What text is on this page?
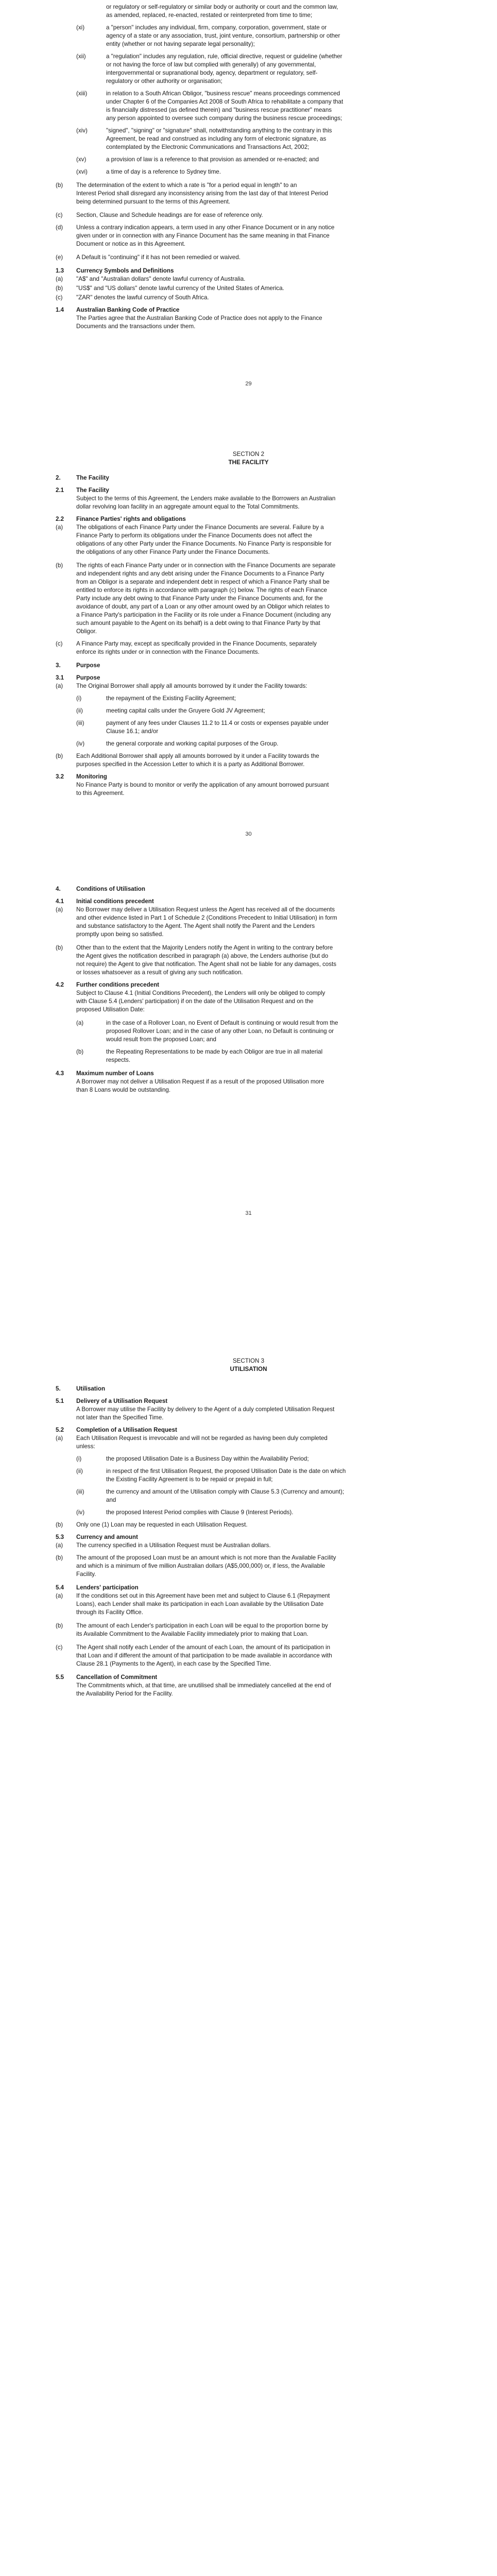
or regulatory or self-regulatory or similar body or authority or court and the common law,
as amended, replaced, re-enacted, restated or reinterpreted from time to time;
(xi)	a "person" includes any individual, firm, company, corporation, government, state or
agency of a state or any association, trust, joint venture, consortium, partnership or other
entity (whether or not having separate legal personality);
(xii)	a "regulation" includes any regulation, rule, official directive, request or guideline (whether
or not having the force of law but complied with generally) of any governmental,
intergovernmental or supranational body, agency, department or regulatory, self-
regulatory or other authority or organisation;
(xiii)	in relation to a South African Obligor, "business rescue" means proceedings commenced
under Chapter 6 of the Companies Act 2008 of South Africa to rehabilitate a company that
is financially distressed (as defined therein) and "business rescue practitioner" means
any person appointed to oversee such company during the business rescue proceedings;
(xiv)	"signed", "signing" or "signature" shall, notwithstanding anything to the contrary in this
Agreement, be read and construed as including any form of electronic signature, as
contemplated by the Electronic Communications and Transactions Act, 2002;
(xv)	a provision of law is a reference to that provision as amended or re-enacted; and
(xvi)	a time of day is a reference to Sydney time.
(b) The determination of the extent to which a rate is "for a period equal in length" to an
Interest Period shall disregard any inconsistency arising from the last day of that Interest Period
being determined pursuant to the terms of this Agreement.
(c) Section, Clause and Schedule headings are for ease of reference only.
(d) Unless a contrary indication appears, a term used in any other Finance Document or in any notice
given under or in connection with any Finance Document has the same meaning in that Finance
Document or notice as in this Agreement.
(e) A Default is "continuing" if it has not been remedied or waived.
1.3 Currency Symbols and Definitions
(a) "A$" and "Australian dollars" denote lawful currency of Australia.
(b) "US$" and "US dollars" denote lawful currency of the United States of America.
(c) "ZAR" denotes the lawful currency of South Africa.
1.4 Australian Banking Code of Practice
The Parties agree that the Australian Banking Code of Practice does not apply to the Finance
Documents and the transactions under them.
29
SECTION 2
THE FACILITY
2.	The Facility
2.1 The Facility
Subject to the terms of this Agreement, the Lenders make available to the Borrowers an Australian
dollar revolving loan facility in an aggregate amount equal to the Total Commitments.
2.2 Finance Parties' rights and obligations
(a) The obligations of each Finance Party under the Finance Documents are several. Failure by a
Finance Party to perform its obligations under the Finance Documents does not affect the
obligations of any other Party under the Finance Documents. No Finance Party is responsible for
the obligations of any other Finance Party under the Finance Documents.
(b) The rights of each Finance Party under or in connection with the Finance Documents are separate
and independent rights and any debt arising under the Finance Documents to a Finance Party
from an Obligor is a separate and independent debt in respect of which a Finance Party shall be
entitled to enforce its rights in accordance with paragraph (c) below. The rights of each Finance
Party include any debt owing to that Finance Party under the Finance Documents and, for the
avoidance of doubt, any part of a Loan or any other amount owed by an Obligor which relates to
a Finance Party's participation in the Facility or its role under a Finance Document (including any
such amount payable to the Agent on its behalf) is a debt owing to that Finance Party by that
Obligor.
(c) A Finance Party may, except as specifically provided in the Finance Documents, separately
enforce its rights under or in connection with the Finance Documents.
3.	Purpose
3.1 Purpose
(a) The Original Borrower shall apply all amounts borrowed by it under the Facility towards:
(i)	the repayment of the Existing Facility Agreement;
(ii)	meeting capital calls under the Gruyere Gold JV Agreement;
(iii)	payment of any fees under Clauses 11.2 to 11.4 or costs or expenses payable under
Clause 16.1; and/or
(iv)	the general corporate and working capital purposes of the Group.
(b) Each Additional Borrower shall apply all amounts borrowed by it under a Facility towards the
purposes specified in the Accession Letter to which it is a party as Additional Borrower.
3.2 Monitoring
No Finance Party is bound to monitor or verify the application of any amount borrowed pursuant
to this Agreement.
30
4.	Conditions of Utilisation
4.1 Initial conditions precedent
(a) No Borrower may deliver a Utilisation Request unless the Agent has received all of the documents
and other evidence listed in Part 1 of Schedule 2 (Conditions Precedent to Initial Utilisation) in form
and substance satisfactory to the Agent. The Agent shall notify the Parent and the Lenders
promptly upon being so satisfied.
(b) Other than to the extent that the Majority Lenders notify the Agent in writing to the contrary before
the Agent gives the notification described in paragraph (a) above, the Lenders authorise (but do
not require) the Agent to give that notification. The Agent shall not be liable for any damages, costs
or losses whatsoever as a result of giving any such notification.
4.2 Further conditions precedent
Subject to Clause 4.1 (Initial Conditions Precedent), the Lenders will only be obliged to comply
with Clause 5.4 (Lenders' participation) if on the date of the Utilisation Request and on the
proposed Utilisation Date:
(a)	in the case of a Rollover Loan, no Event of Default is continuing or would result from the
proposed Rollover Loan; and in the case of any other Loan, no Default is continuing or
would result from the proposed Loan; and
(b)	the Repeating Representations to be made by each Obligor are true in all material
respects.
4.3 Maximum number of Loans
A Borrower may not deliver a Utilisation Request if as a result of the proposed Utilisation more
than 8 Loans would be outstanding.
31
SECTION 3
UTILISATION
5.	Utilisation
5.1 Delivery of a Utilisation Request
A Borrower may utilise the Facility by delivery to the Agent of a duly completed Utilisation Request
not later than the Specified Time.
5.2 Completion of a Utilisation Request
(a) Each Utilisation Request is irrevocable and will not be regarded as having been duly completed
unless:
(i)	the proposed Utilisation Date is a Business Day within the Availability Period;
(ii)	in respect of the first Utilisation Request, the proposed Utilisation Date is the date on which
the Existing Facility Agreement is to be repaid or prepaid in full;
(iii)	the currency and amount of the Utilisation comply with Clause 5.3 (Currency and amount);
and
(iv)	the proposed Interest Period complies with Clause 9 (Interest Periods).
(b) Only one (1) Loan may be requested in each Utilisation Request.
5.3 Currency and amount
(a) The currency specified in a Utilisation Request must be Australian dollars.
(b) The amount of the proposed Loan must be an amount which is not more than the Available Facility
and which is a minimum of five million Australian dollars (A$5,000,000) or, if less, the Available
Facility.
5.4 Lenders' participation
(a) If the conditions set out in this Agreement have been met and subject to Clause 6.1 (Repayment
Loans), each Lender shall make its participation in each Loan available by the Utilisation Date
through its Facility Office.
(b) The amount of each Lender's participation in each Loan will be equal to the proportion borne by
its Available Commitment to the Available Facility immediately prior to making that Loan.
(c) The Agent shall notify each Lender of the amount of each Loan, the amount of its participation in
that Loan and if different the amount of that participation to be made available in accordance with
Clause 28.1 (Payments to the Agent), in each case by the Specified Time.
5.5 Cancellation of Commitment
The Commitments which, at that time, are unutilised shall be immediately cancelled at the end of
the Availability Period for the Facility.
